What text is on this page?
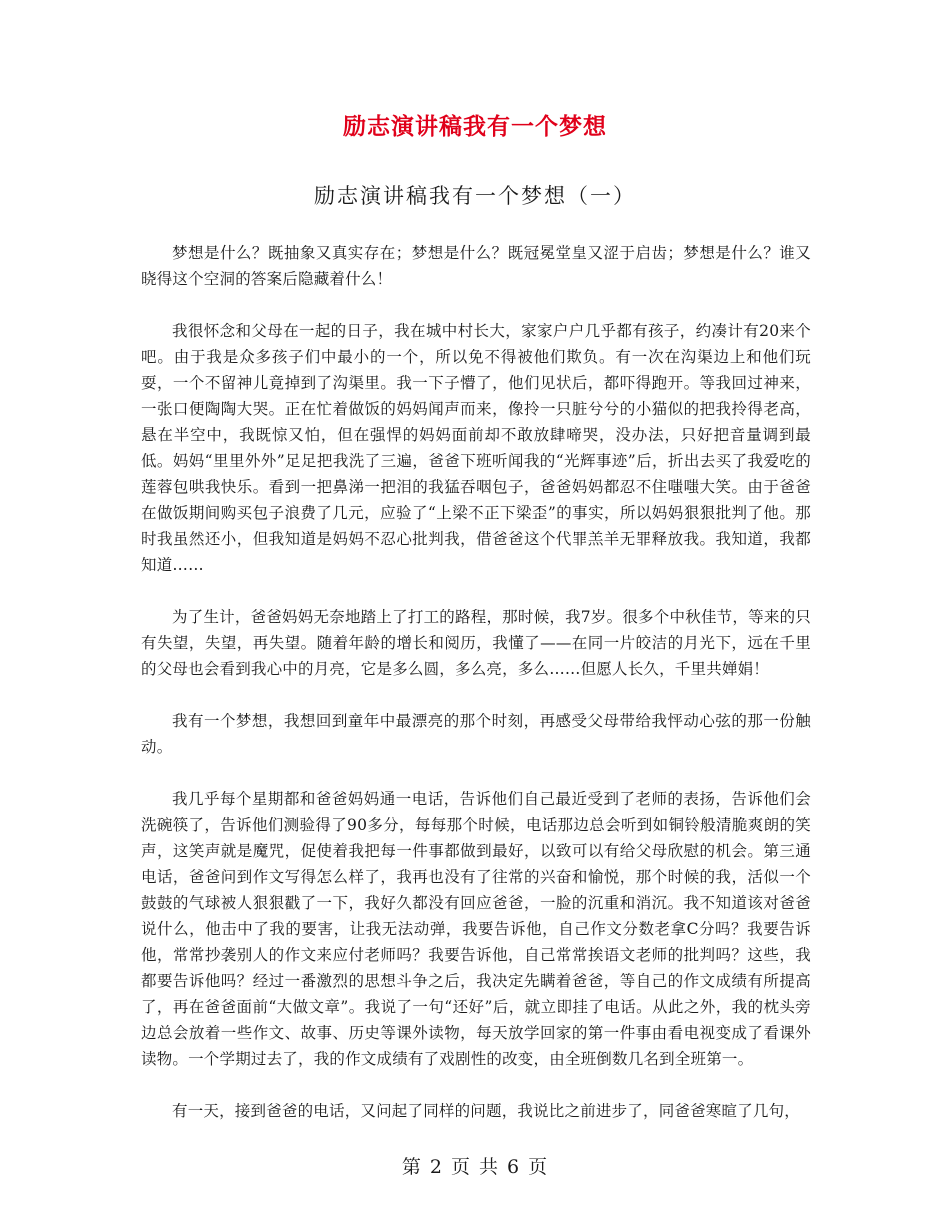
励志演讲稿我有一个梦想
励志演讲稿我有一个梦想（一）

梦想是什么？既抽象又真实存在；梦想是什么？既冠冕堂皇又涩于启齿；梦想是什么？谁又晓得这个空洞的答案后隐藏着什么！

我很怀念和父母在一起的日子，我在城中村长大，家家户户几乎都有孩子，约凑计有20来个吧。由于我是众多孩子们中最小的一个，所以免不得被他们欺负。有一次在沟渠边上和他们玩耍，一个不留神儿竟掉到了沟渠里。我一下子懵了，他们见状后，都吓得跑开。等我回过神来，一张口便陶陶大哭。正在忙着做饭的妈妈闻声而来，像拎一只脏兮兮的小猫似的把我拎得老高，悬在半空中，我既惊又怕，但在强悍的妈妈面前却不敢放肆啼哭，没办法，只好把音量调到最低。妈妈“里里外外”足足把我洗了三遍，爸爸下班听闻我的“光辉事迹”后，折出去买了我爱吃的莲蓉包哄我快乐。看到一把鼻涕一把泪的我猛吞咽包子，爸爸妈妈都忍不住嗤嗤大笑。由于爸爸在做饭期间购买包子浪费了几元，应验了“上梁不正下梁歪”的事实，所以妈妈狠狠批判了他。那时我虽然还小，但我知道是妈妈不忍心批判我，借爸爸这个代罪羔羊无罪释放我。我知道，我都知道……

为了生计，爸爸妈妈无奈地踏上了打工的路程，那时候，我7岁。很多个中秋佳节，等来的只有失望，失望，再失望。随着年龄的增长和阅历，我懂了——在同一片皎洁的月光下，远在千里的父母也会看到我心中的月亮，它是多么圆，多么亮，多么……但愿人长久，千里共婵娟！

我有一个梦想，我想回到童年中最漂亮的那个时刻，再感受父母带给我怦动心弦的那一份触动。

我几乎每个星期都和爸爸妈妈通一电话，告诉他们自己最近受到了老师的表扬，告诉他们会洗碗筷了，告诉他们测验得了90多分，每每那个时候，电话那边总会听到如铜铃般清脆爽朗的笑声，这笑声就是魔咒，促使着我把每一件事都做到最好，以致可以有给父母欣慰的机会。第三通电话，爸爸问到作文写得怎么样了，我再也没有了往常的兴奋和愉悦，那个时候的我，活似一个鼓鼓的气球被人狠狠戳了一下，我好久都没有回应爸爸，一脸的沉重和消沉。我不知道该对爸爸说什么，他击中了我的要害，让我无法动弹，我要告诉他，自己作文分数老拿C分吗？我要告诉他，常常抄袭别人的作文来应付老师吗？我要告诉他，自己常常挨语文老师的批判吗？这些，我都要告诉他吗？经过一番激烈的思想斗争之后，我决定先瞒着爸爸，等自己的作文成绩有所提高了，再在爸爸面前“大做文章”。我说了一句“还好”后，就立即挂了电话。从此之外，我的枕头旁边总会放着一些作文、故事、历史等课外读物，每天放学回家的第一件事由看电视变成了看课外读物。一个学期过去了，我的作文成绩有了戏剧性的改变，由全班倒数几名到全班第一。

有一天，接到爸爸的电话，又问起了同样的问题，我说比之前进步了，同爸爸寒暄了几句，

第 2 页 共 6 页
